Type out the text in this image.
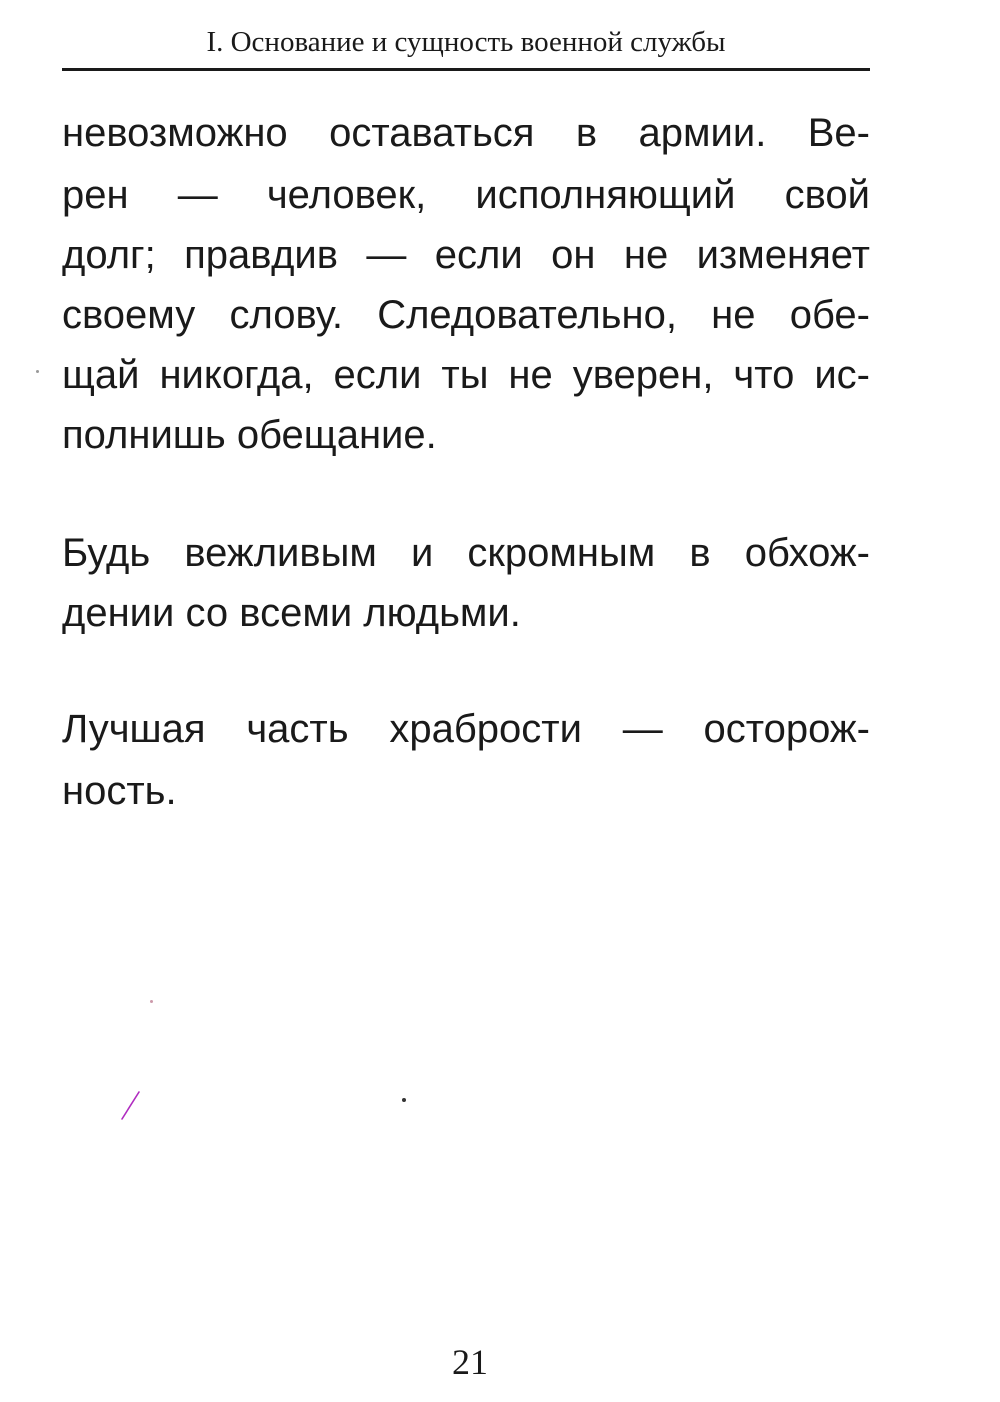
I. Основание и сущность военной службы
невозможно оставаться в армии. Ве-
рен — человек, исполняющий свой
долг; правдив — если он не изменяет
своему слову. Следовательно, не обе-
щай никогда, если ты не уверен, что ис-
полнишь обещание.
Будь вежливым и скромным в обхож-
дении со всеми людьми.
Лучшая часть храбрости — осторож-
ность.
21
